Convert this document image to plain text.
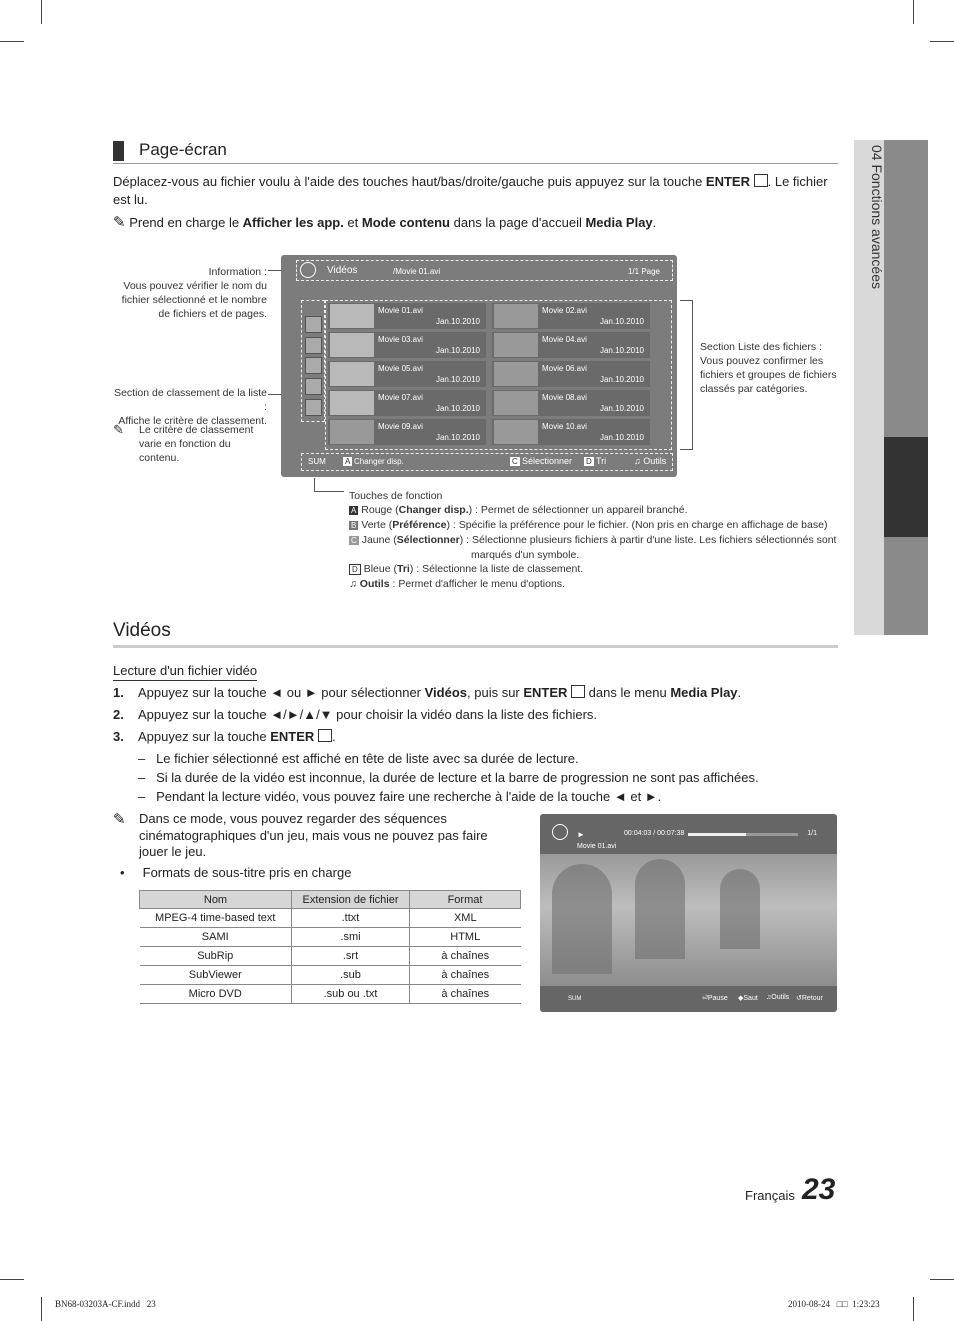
04 Fonctions avancées
Page-écran
Déplacez-vous au fichier voulu à l'aide des touches haut/bas/droite/gauche puis appuyez sur la touche ENTER . Le fichier est lu.
✎ Prend en charge le Afficher les app. et Mode contenu dans la page d'accueil Media Play.
Information :
Vous pouvez vérifier le nom du fichier sélectionné et le nombre de fichiers et de pages.
Section de classement de la liste :
Affiche le critère de classement.
✎ Le critère de classement varie en fonction du contenu.
Section Liste des fichiers :
Vous pouvez confirmer les fichiers et groupes de fichiers classés par catégories.
Vidéos	/Movie 01.avi	1/1 Page
SUM A Changer disp.	C Sélectionner D Tri	♫ Outils
Movie 01.avi
Jan.10.2010
Movie 02.avi
Jan.10.2010
Movie 03.avi
Jan.10.2010
Movie 04.avi
Jan.10.2010
Movie 05.avi
Jan.10.2010
Movie 06.avi
Jan.10.2010
Movie 07.avi
Jan.10.2010
Movie 08.avi
Jan.10.2010
Movie 09.avi
Jan.10.2010
Movie 10.avi
Jan.10.2010
Touches de fonction
A Rouge (Changer disp.) : Permet de sélectionner un appareil branché.
B Verte (Préférence) : Spécifie la préférence pour le fichier. (Non pris en charge en affichage de base)
C Jaune (Sélectionner) : Sélectionne plusieurs fichiers à partir d'une liste. Les fichiers sélectionnés sont
marqués d'un symbole.
D Bleue (Tri) : Sélectionne la liste de classement.
♫ Outils : Permet d'afficher le menu d'options.
Vidéos
Lecture d'un fichier vidéo
1. Appuyez sur la touche ◄ ou ► pour sélectionner Vidéos, puis sur ENTER  dans le menu Media Play.
2. Appuyez sur la touche ◄/►/▲/▼ pour choisir la vidéo dans la liste des fichiers.
3. Appuyez sur la touche ENTER .
–   Le fichier sélectionné est affiché en tête de liste avec sa durée de lecture.
–   Si la durée de la vidéo est inconnue, la durée de lecture et la barre de progression ne sont pas affichées.
–   Pendant la lecture vidéo, vous pouvez faire une recherche à l'aide de la touche ◄ et ►.
✎ Dans ce mode, vous pouvez regarder des séquences cinématographiques d'un jeu, mais vous ne pouvez pas faire jouer le jeu.
•     Formats de sous-titre pris en charge
Nom	Extension de fichier	Format
MPEG-4 time-based text	.ttxt	XML
SAMI	.smi	HTML
SubRip	.srt	à chaînes
SubViewer	.sub	à chaînes
Micro DVD	.sub ou .txt	à chaînes
►	00:04:03 / 00:07:38	1/1
Movie 01.avi
SUM	⏎Pause ◆Saut ♫Outils ↺Retour
Français 23
BN68-03203A-CF.indd   23	2010-08-24   □□  1:23:23
